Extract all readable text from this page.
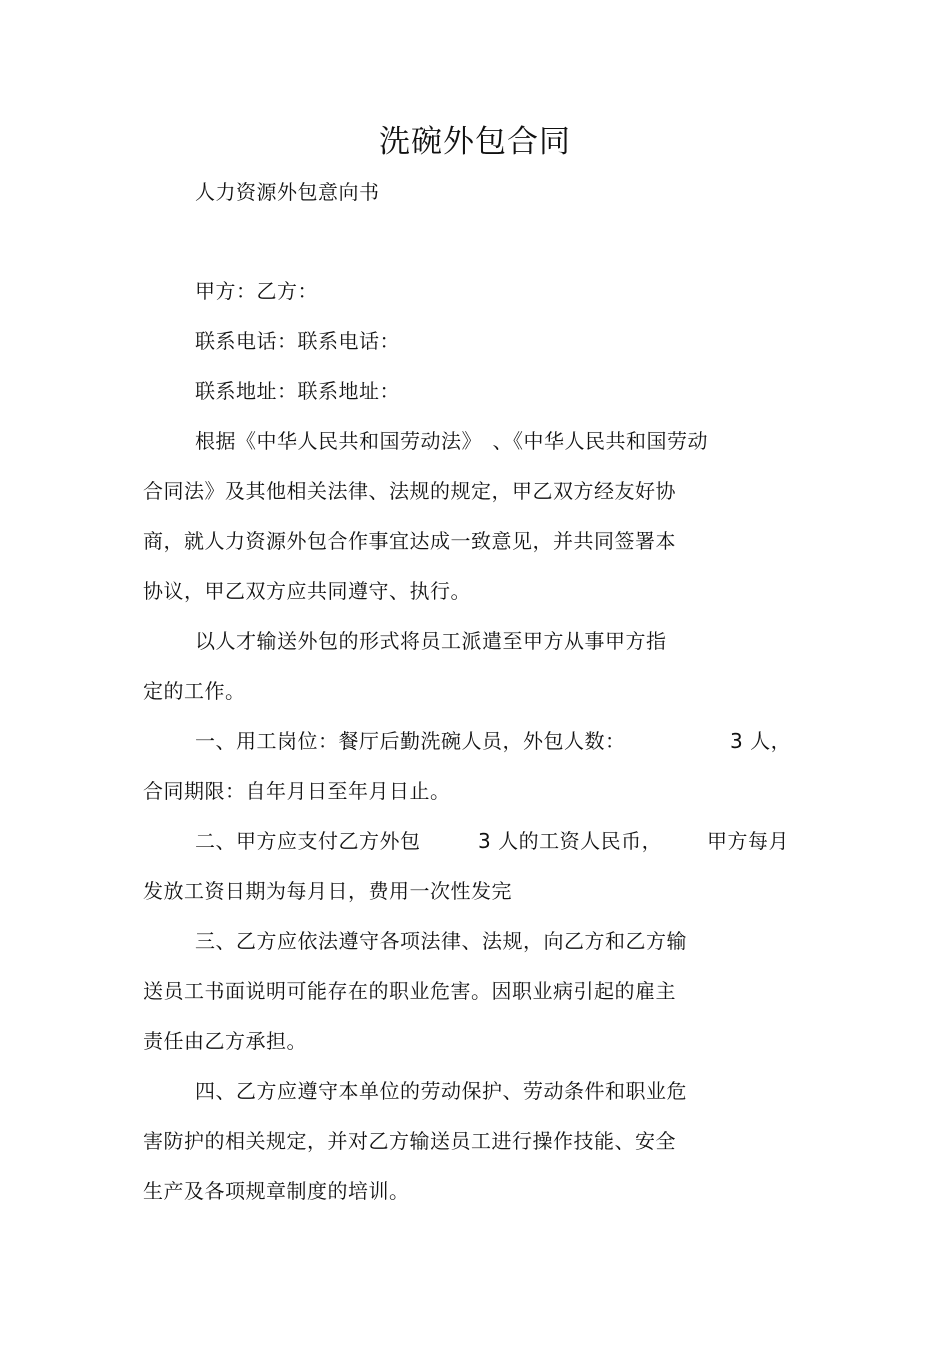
洗碗外包合同
人力资源外包意向书
甲方：乙方：
联系电话：联系电话：
联系地址：联系地址：
根据《中华人民共和国劳动法》　、《中华人民共和国劳动
合同法》及其他相关法律、法规的规定，甲乙双方经友好协
商，就人力资源外包合作事宜达成一致意见，并共同签署本
协议，甲乙双方应共同遵守、执行。
以人才输送外包的形式将员工派遣至甲方从事甲方指
定的工作。
一、用工岗位：餐厅后勤洗碗人员，外包人数：	3 人，
合同期限：自年月日至年月日止。
二、甲方应支付乙方外包	3 人的工资人民币， 甲方每月
发放工资日期为每月日，费用一次性发完
三、乙方应依法遵守各项法律、法规，向乙方和乙方输
送员工书面说明可能存在的职业危害。因职业病引起的雇主
责任由乙方承担。
四、乙方应遵守本单位的劳动保护、劳动条件和职业危
害防护的相关规定，并对乙方输送员工进行操作技能、安全
生产及各项规章制度的培训。
